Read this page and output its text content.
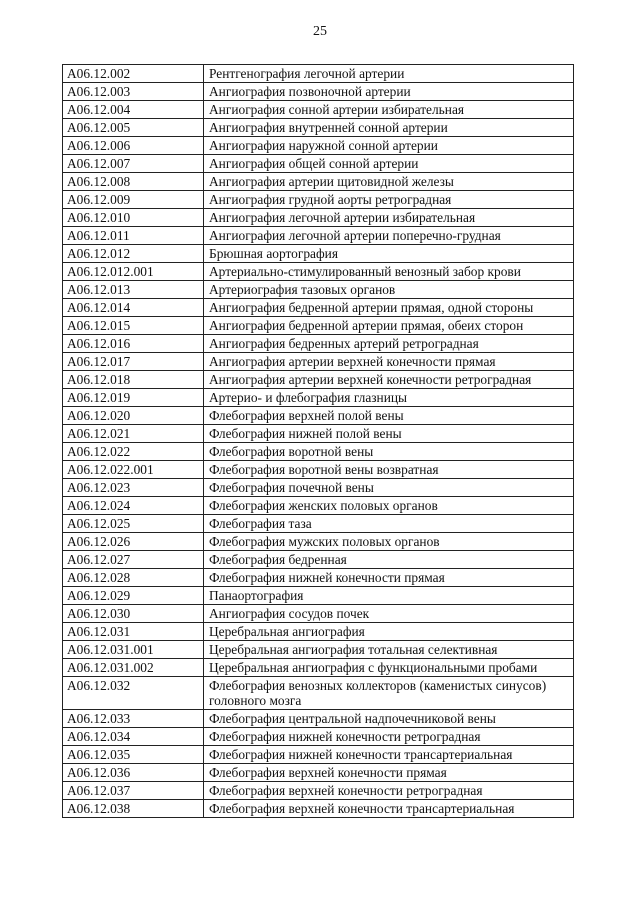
25
А06.12.002	Рентгенография легочной артерии
А06.12.003	Ангиография позвоночной артерии
А06.12.004	Ангиография сонной артерии избирательная
А06.12.005	Ангиография внутренней сонной артерии
А06.12.006	Ангиография наружной сонной артерии
А06.12.007	Ангиография общей сонной артерии
А06.12.008	Ангиография артерии щитовидной железы
А06.12.009	Ангиография грудной аорты ретроградная
А06.12.010	Ангиография легочной артерии избирательная
А06.12.011	Ангиография легочной артерии поперечно-грудная
А06.12.012	Брюшная аортография
А06.12.012.001	Артериально-стимулированный венозный забор крови
А06.12.013	Артериография тазовых органов
А06.12.014	Ангиография бедренной артерии прямая, одной стороны
А06.12.015	Ангиография бедренной артерии прямая, обеих сторон
А06.12.016	Ангиография бедренных артерий ретроградная
А06.12.017	Ангиография артерии верхней конечности прямая
А06.12.018	Ангиография артерии верхней конечности ретроградная
А06.12.019	Артерио- и флебография глазницы
А06.12.020	Флебография верхней полой вены
А06.12.021	Флебография нижней полой вены
А06.12.022	Флебография воротной вены
А06.12.022.001	Флебография воротной вены возвратная
А06.12.023	Флебография почечной вены
А06.12.024	Флебография женских половых органов
А06.12.025	Флебография таза
А06.12.026	Флебография мужских половых органов
А06.12.027	Флебография бедренная
А06.12.028	Флебография нижней конечности прямая
А06.12.029	Панаортография
А06.12.030	Ангиография сосудов почек
А06.12.031	Церебральная ангиография
А06.12.031.001	Церебральная ангиография тотальная селективная
А06.12.031.002	Церебральная ангиография с функциональными пробами
А06.12.032	Флебография венозных коллекторов (каменистых синусов) головного мозга
А06.12.033	Флебография центральной надпочечниковой вены
А06.12.034	Флебография нижней конечности ретроградная
А06.12.035	Флебография нижней конечности трансартериальная
А06.12.036	Флебография верхней конечности прямая
А06.12.037	Флебография верхней конечности ретроградная
А06.12.038	Флебография верхней конечности трансартериальная
